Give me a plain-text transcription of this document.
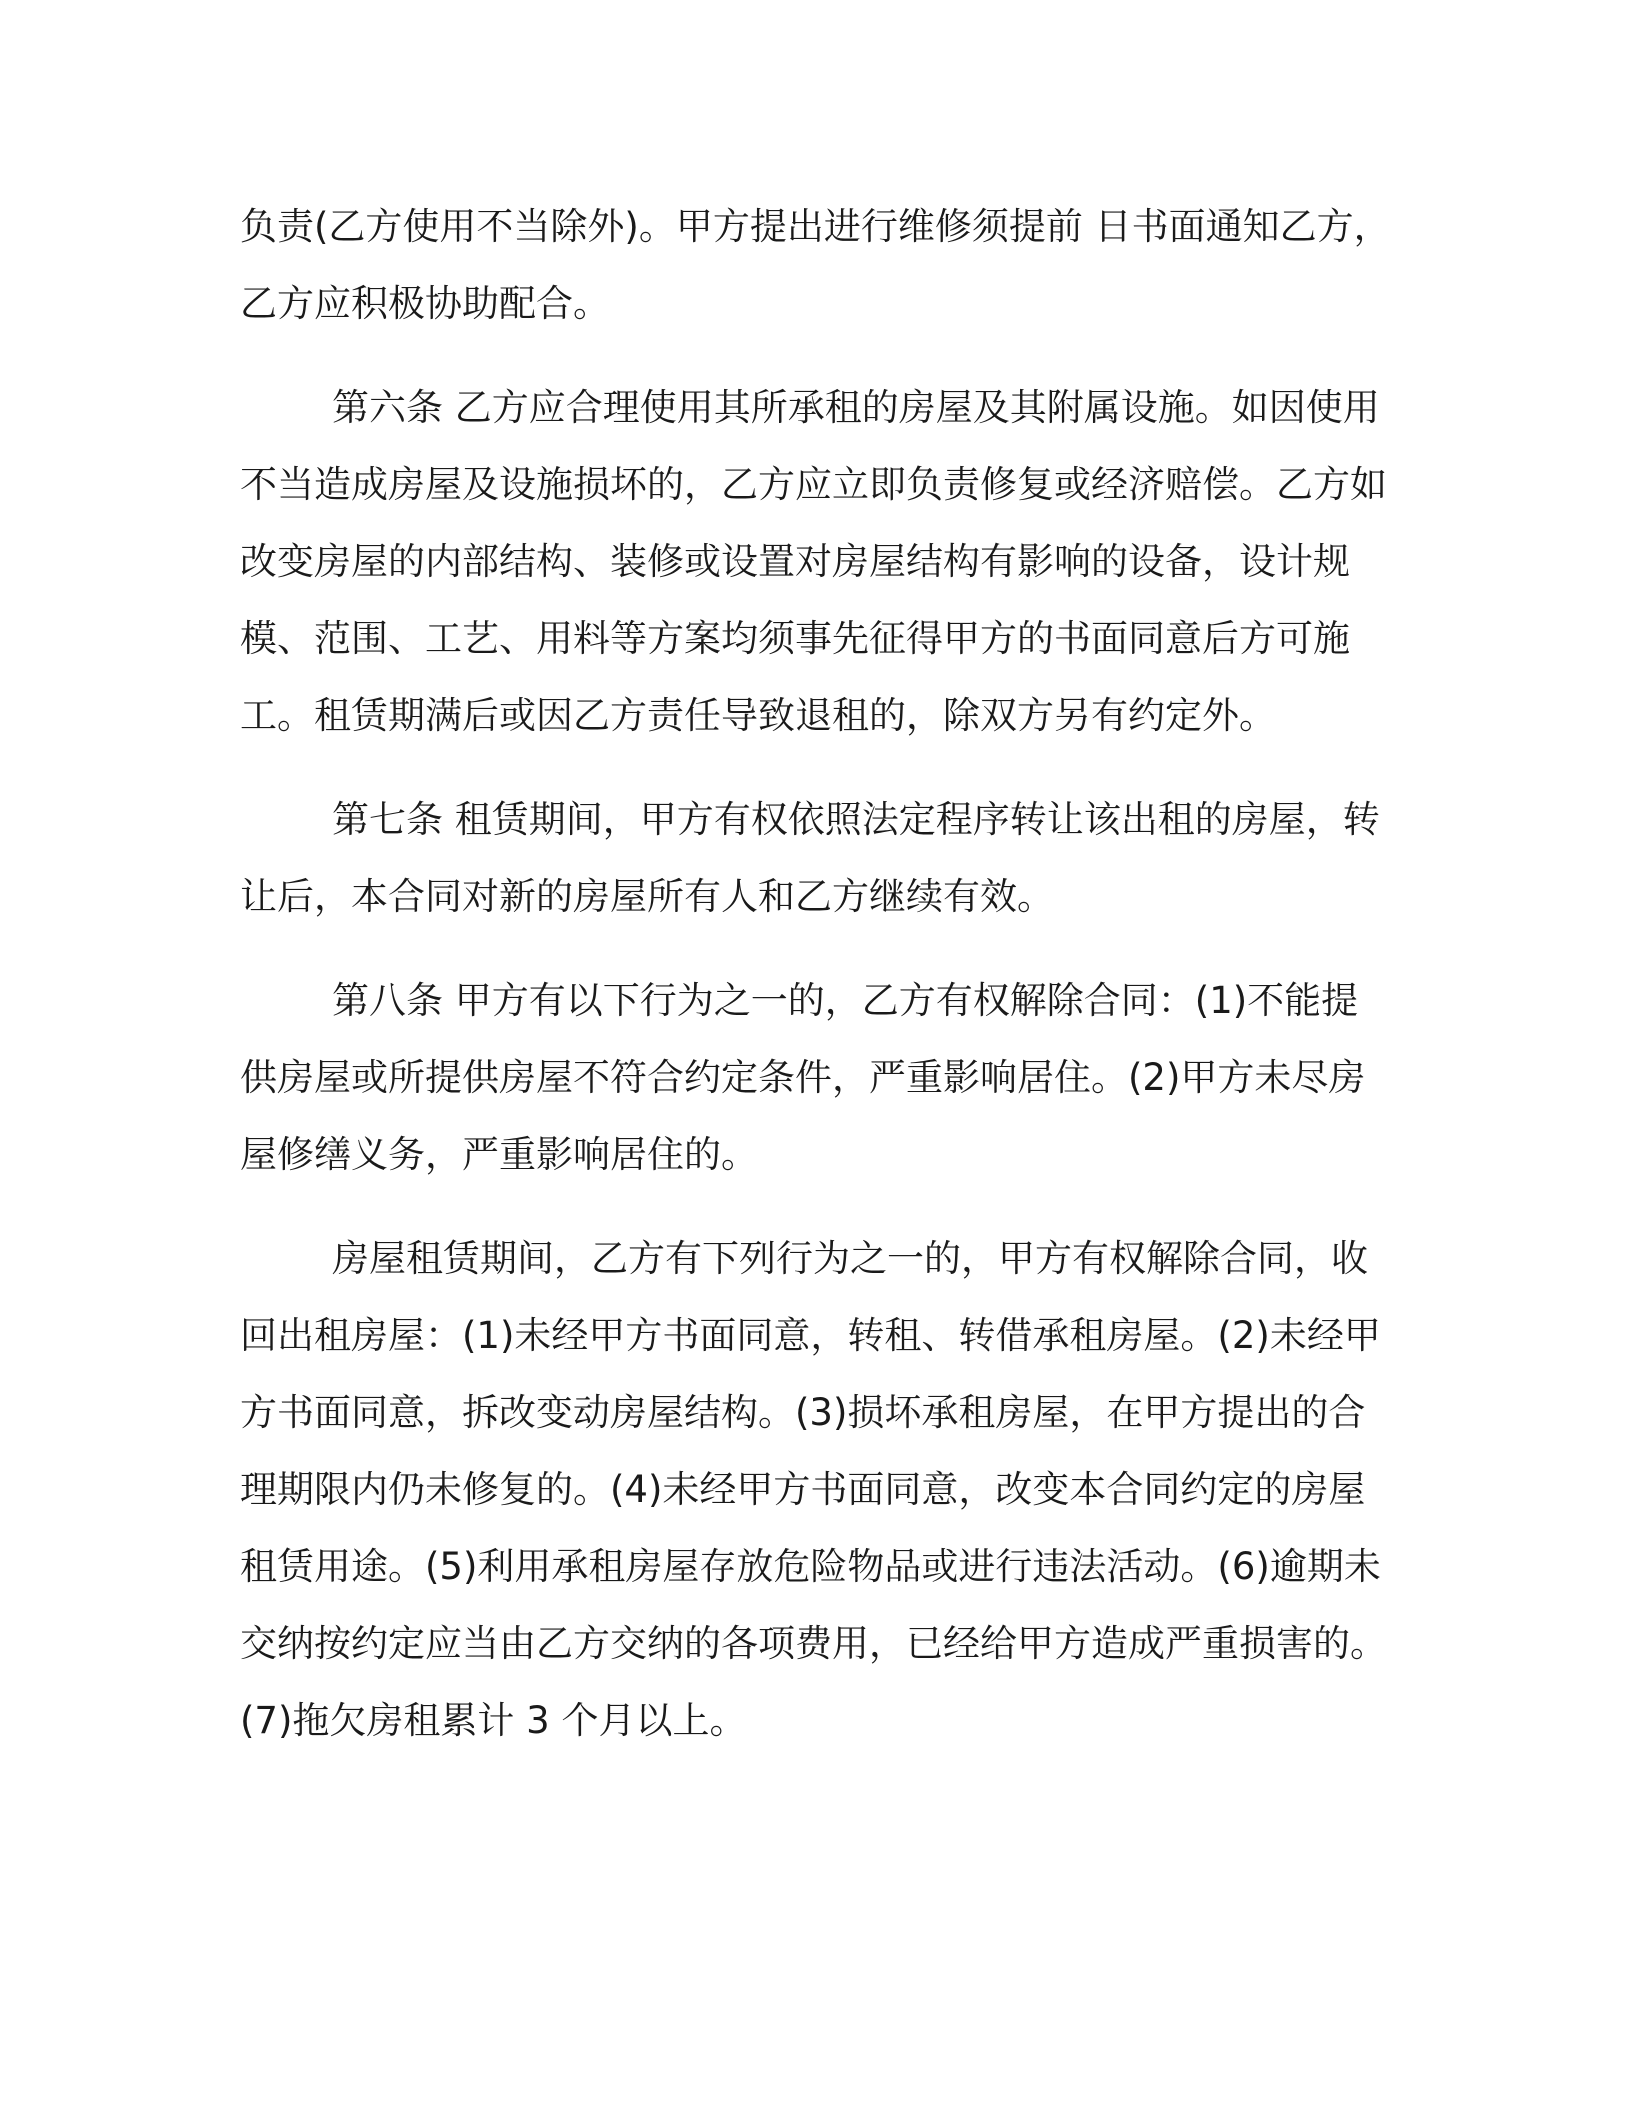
负责(乙方使用不当除外)。甲方提出进行维修须提前 日书面通知乙方，乙方应积极协助配合。

第六条 乙方应合理使用其所承租的房屋及其附属设施。如因使用不当造成房屋及设施损坏的，乙方应立即负责修复或经济赔偿。乙方如改变房屋的内部结构、装修或设置对房屋结构有影响的设备，设计规模、范围、工艺、用料等方案均须事先征得甲方的书面同意后方可施工。租赁期满后或因乙方责任导致退租的，除双方另有约定外。

第七条 租赁期间，甲方有权依照法定程序转让该出租的房屋，转让后，本合同对新的房屋所有人和乙方继续有效。

第八条 甲方有以下行为之一的，乙方有权解除合同：(1)不能提供房屋或所提供房屋不符合约定条件，严重影响居住。(2)甲方未尽房屋修缮义务，严重影响居住的。

房屋租赁期间，乙方有下列行为之一的，甲方有权解除合同，收回出租房屋：(1)未经甲方书面同意，转租、转借承租房屋。(2)未经甲方书面同意，拆改变动房屋结构。(3)损坏承租房屋，在甲方提出的合理期限内仍未修复的。(4)未经甲方书面同意，改变本合同约定的房屋租赁用途。(5)利用承租房屋存放危险物品或进行违法活动。(6)逾期未交纳按约定应当由乙方交纳的各项费用，已经给甲方造成严重损害的。(7)拖欠房租累计 3 个月以上。
